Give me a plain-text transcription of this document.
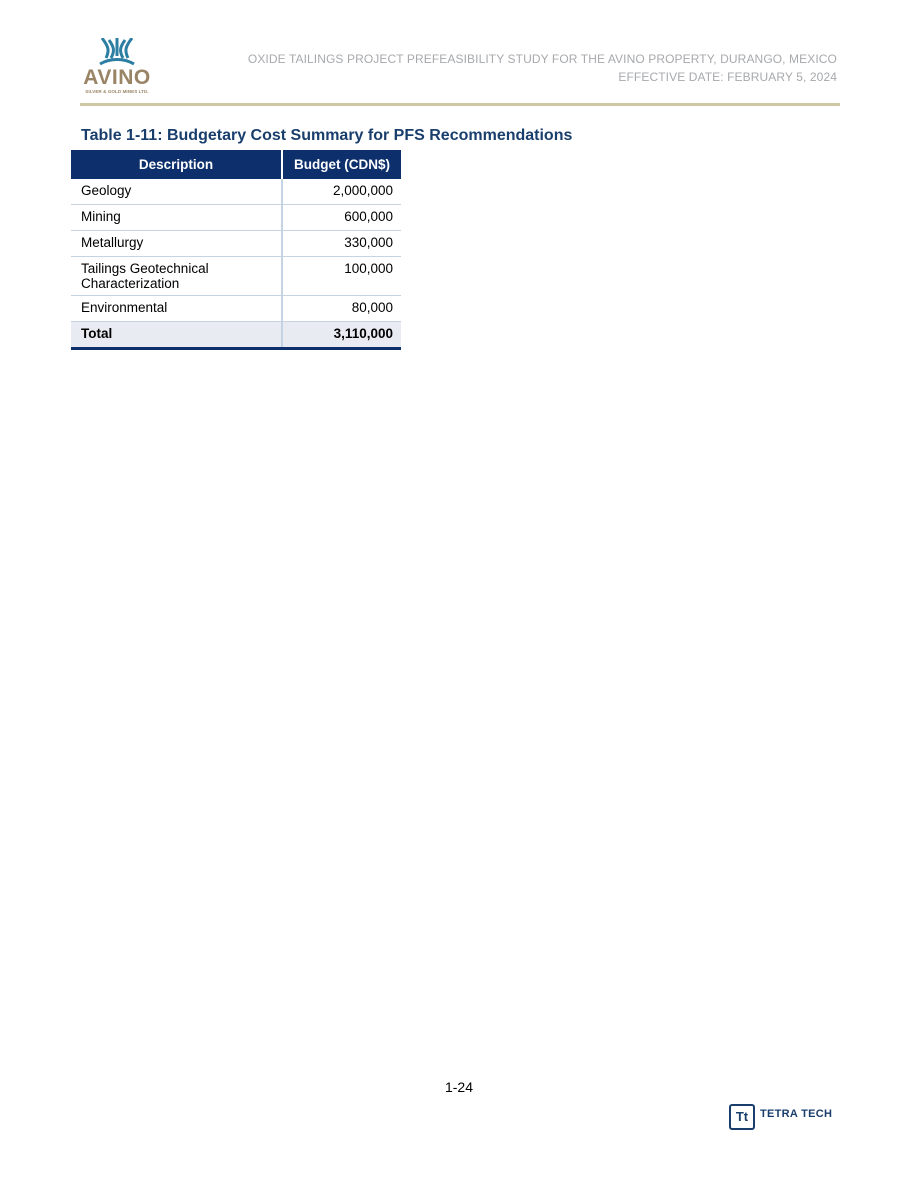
AVINO
SILVER & GOLD MINES LTD.
OXIDE TAILINGS PROJECT PREFEASIBILITY STUDY FOR THE AVINO PROPERTY, DURANGO, MEXICO
EFFECTIVE DATE: FEBRUARY 5, 2024
Table 1-11: Budgetary Cost Summary for PFS Recommendations
Description	Budget (CDN$)
Geology	2,000,000
Mining	600,000
Metallurgy	330,000
Tailings Geotechnical Characterization	100,000
Environmental	80,000
Total	3,110,000
1-24
Tt	TETRA TECH
